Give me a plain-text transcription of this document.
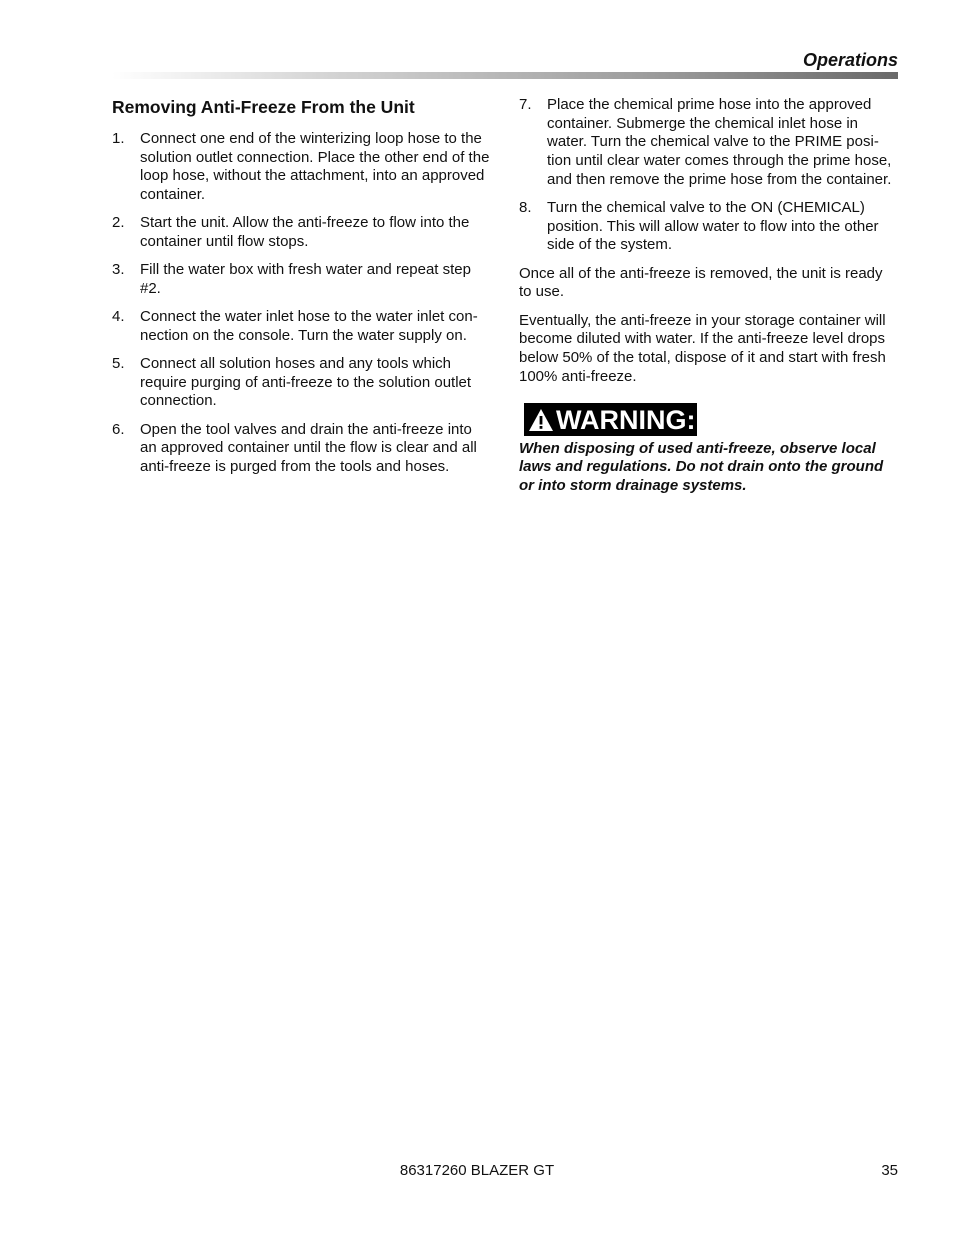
Operations
Removing Anti-Freeze From the Unit
1. Connect one end of the winterizing loop hose to the solution outlet connection. Place the other end of the loop hose, without the attachment, into an approved container.
2. Start the unit. Allow the anti-freeze to flow into the container until flow stops.
3. Fill the water box with fresh water and repeat step #2.
4. Connect the water inlet hose to the water inlet con-nection on the console. Turn the water supply on.
5. Connect all solution hoses and any tools which require purging of anti-freeze to the solution outlet connection.
6. Open the tool valves and drain the anti-freeze into an approved container until the flow is clear and all anti-freeze is purged from the tools and hoses.
7. Place the chemical prime hose into the approved container. Submerge the chemical inlet hose in water. Turn the chemical valve to the PRIME posi-tion until clear water comes through the prime hose, and then remove the prime hose from the container.
8. Turn the chemical valve to the ON (CHEMICAL) position. This will allow water to flow into the other side of the system.

Once all of the anti-freeze is removed, the unit is ready to use.

Eventually, the anti-freeze in your storage container will become diluted with water. If the anti-freeze level drops below 50% of the total, dispose of it and start with fresh 100% anti-freeze.

WARNING:
When disposing of used anti-freeze, observe local laws and regulations. Do not drain onto the ground or into storm drainage systems.
86317260 BLAZER GT	35
